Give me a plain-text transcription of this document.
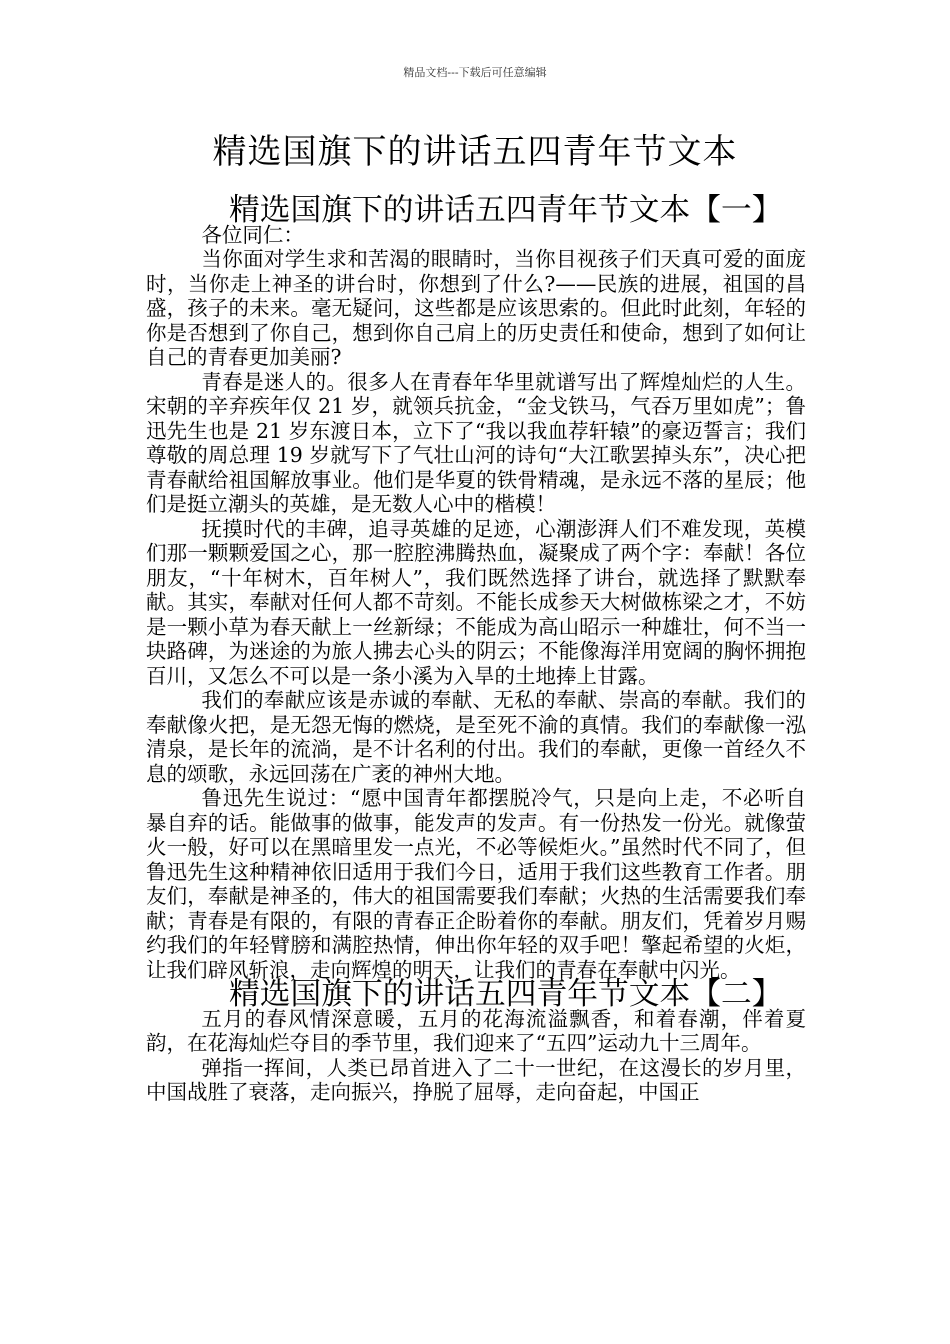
精品文档---下载后可任意编辑
精选国旗下的讲话五四青年节文本
精选国旗下的讲话五四青年节文本【一】

各位同仁：

当你面对学生求和苦渴的眼睛时，当你目视孩子们天真可爱的面庞时，当你走上神圣的讲台时，你想到了什么?——民族的进展，祖国的昌盛，孩子的未来。毫无疑问，这些都是应该思索的。但此时此刻，年轻的你是否想到了你自己，想到你自己肩上的历史责任和使命，想到了如何让自己的青春更加美丽?

青春是迷人的。很多人在青春年华里就谱写出了辉煌灿烂的人生。宋朝的辛弃疾年仅 21 岁，就领兵抗金，“金戈铁马，气吞万里如虎”；鲁迅先生也是 21 岁东渡日本，立下了“我以我血荐轩辕”的豪迈誓言；我们尊敬的周总理 19 岁就写下了气壮山河的诗句“大江歌罢掉头东”，决心把青春献给祖国解放事业。他们是华夏的铁骨精魂，是永远不落的星辰；他们是挺立潮头的英雄，是无数人心中的楷模！

抚摸时代的丰碑，追寻英雄的足迹，心潮澎湃人们不难发现，英模们那一颗颗爱国之心，那一腔腔沸腾热血，凝聚成了两个字：奉献！各位朋友，“十年树木，百年树人”，我们既然选择了讲台，就选择了默默奉献。其实，奉献对任何人都不苛刻。不能长成参天大树做栋梁之才，不妨是一颗小草为春天献上一丝新绿；不能成为高山昭示一种雄壮，何不当一块路碑，为迷途的为旅人拂去心头的阴云；不能像海洋用宽阔的胸怀拥抱百川，又怎么不可以是一条小溪为入旱的土地捧上甘露。

我们的奉献应该是赤诚的奉献、无私的奉献、崇高的奉献。我们的奉献像火把，是无怨无悔的燃烧，是至死不渝的真情。我们的奉献像一泓清泉，是长年的流淌，是不计名利的付出。我们的奉献，更像一首经久不息的颂歌，永远回荡在广袤的神州大地。

鲁迅先生说过：“愿中国青年都摆脱冷气，只是向上走，不必听自暴自弃的话。能做事的做事，能发声的发声。有一份热发一份光。就像萤火一般，好可以在黑暗里发一点光，不必等候炬火。”虽然时代不同了，但鲁迅先生这种精神依旧适用于我们今日，适用于我们这些教育工作者。朋友们，奉献是神圣的，伟大的祖国需要我们奉献；火热的生活需要我们奉献；青春是有限的，有限的青春正企盼着你的奉献。朋友们，凭着岁月赐约我们的年轻臂膀和满腔热情，伸出你年轻的双手吧！擎起希望的火炬，让我们辟风斩浪，走向辉煌的明天，让我们的青春在奉献中闪光。

精选国旗下的讲话五四青年节文本【二】

五月的春风情深意暖，五月的花海流溢飘香，和着春潮，伴着夏韵，在花海灿烂夺目的季节里，我们迎来了“五四”运动九十三周年。

弹指一挥间，人类已昂首进入了二十一世纪，在这漫长的岁月里，中国战胜了衰落，走向振兴，挣脱了屈辱，走向奋起，中国正
